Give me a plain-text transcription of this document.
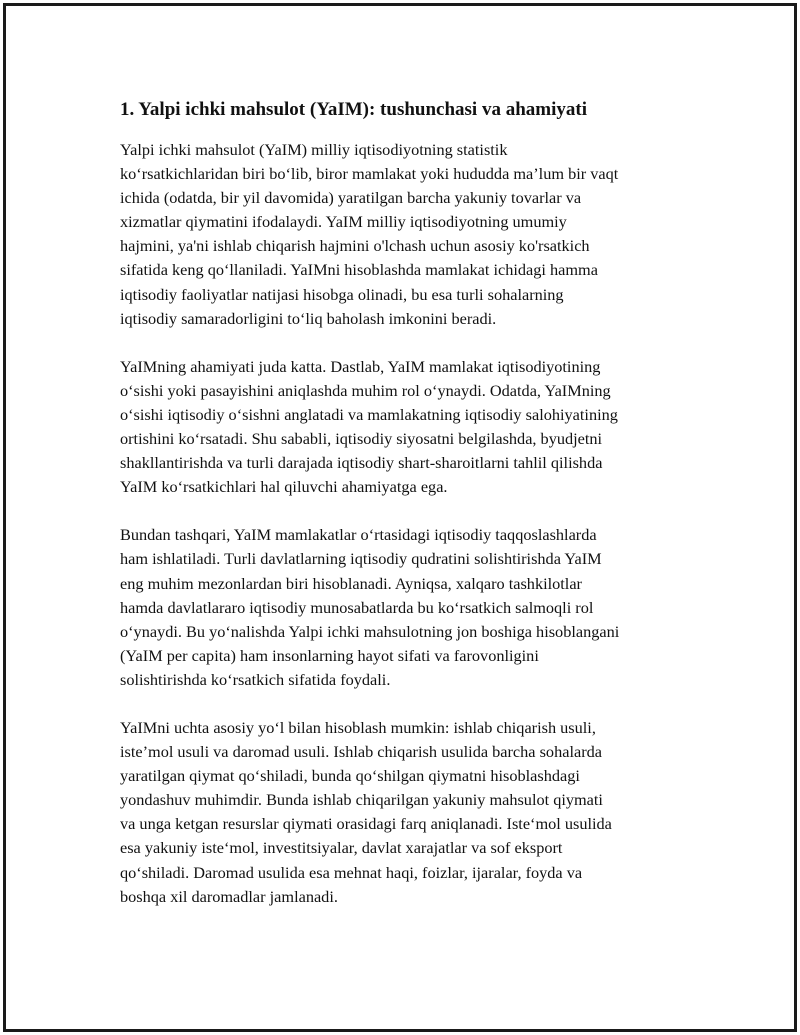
1. Yalpi ichki mahsulot (YaIM): tushunchasi va ahamiyati

Yalpi ichki mahsulot (YaIM) milliy iqtisodiyotning statistik
ko‘rsatkichlaridan biri bo‘lib, biror mamlakat yoki hududda ma’lum bir vaqt
ichida (odatda, bir yil davomida) yaratilgan barcha yakuniy tovarlar va
xizmatlar qiymatini ifodalaydi. YaIM milliy iqtisodiyotning umumiy
hajmini, ya'ni ishlab chiqarish hajmini o'lchash uchun asosiy ko'rsatkich
sifatida keng qo‘llaniladi. YaIMni hisoblashda mamlakat ichidagi hamma
iqtisodiy faoliyatlar natijasi hisobga olinadi, bu esa turli sohalarning
iqtisodiy samaradorligini to‘liq baholash imkonini beradi.

YaIMning ahamiyati juda katta. Dastlab, YaIM mamlakat iqtisodiyotining
o‘sishi yoki pasayishini aniqlashda muhim rol o‘ynaydi. Odatda, YaIMning
o‘sishi iqtisodiy o‘sishni anglatadi va mamlakatning iqtisodiy salohiyatining
ortishini ko‘rsatadi. Shu sababli, iqtisodiy siyosatni belgilashda, byudjetni
shakllantirishda va turli darajada iqtisodiy shart-sharoitlarni tahlil qilishda
YaIM ko‘rsatkichlari hal qiluvchi ahamiyatga ega.

Bundan tashqari, YaIM mamlakatlar o‘rtasidagi iqtisodiy taqqoslashlarda
ham ishlatiladi. Turli davlatlarning iqtisodiy qudratini solishtirishda YaIM
eng muhim mezonlardan biri hisoblanadi. Ayniqsa, xalqaro tashkilotlar
hamda davlatlararo iqtisodiy munosabatlarda bu ko‘rsatkich salmoqli rol
o‘ynaydi. Bu yo‘nalishda Yalpi ichki mahsulotning jon boshiga hisoblangani
(YaIM per capita) ham insonlarning hayot sifati va farovonligini
solishtirishda ko‘rsatkich sifatida foydali.

YaIMni uchta asosiy yo‘l bilan hisoblash mumkin: ishlab chiqarish usuli,
iste’mol usuli va daromad usuli. Ishlab chiqarish usulida barcha sohalarda
yaratilgan qiymat qo‘shiladi, bunda qo‘shilgan qiymatni hisoblashdagi
yondashuv muhimdir. Bunda ishlab chiqarilgan yakuniy mahsulot qiymati
va unga ketgan resurslar qiymati orasidagi farq aniqlanadi. Iste‘mol usulida
esa yakuniy iste‘mol, investitsiyalar, davlat xarajatlar va sof eksport
qo‘shiladi. Daromad usulida esa mehnat haqi, foizlar, ijaralar, foyda va
boshqa xil daromadlar jamlanadi.
